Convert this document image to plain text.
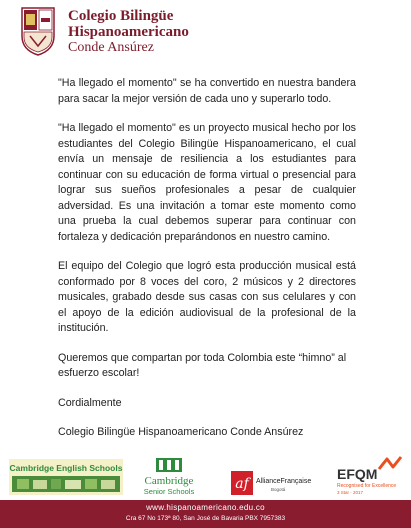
Colegio Bilingüe
Hispanoamericano
Conde Ansúrez

"Ha llegado el momento" se ha convertido en nuestra bandera para sacar la mejor versión de cada uno y superarlo todo.

"Ha llegado el momento" es un proyecto musical hecho por los estudiantes del Colegio Bilingüe Hispanoamericano, el cual envía un mensaje de resiliencia a los estudiantes para continuar con su educación de forma virtual o presencial para lograr sus sueños profesionales a pesar de cualquier adversidad. Es una invitación a tomar este momento como una prueba la cual debemos superar para continuar con fortaleza y dedicación preparándonos en nuestro camino.

El equipo del Colegio que logró esta producción musical está conformado por 8 voces del coro, 2 músicos y 2 directores musicales, grabado desde sus casas con sus celulares y con el apoyo de la edición audiovisual de la profesional de la institución.

Queremos que compartan por toda Colombia este “himno” al esfuerzo escolar!

Cordialmente

Colegio Bilingüe Hispanoamericano Conde Ansúrez

Cambridge English Schools
Cambridge
Senior Schools	af	AllianceFrançaise
Bogotá
EFQM
Recognised for Excellence
3 Star · 2017
www.hispanoamericano.edu.co
Cra 67 No 173ª 80, San José de Bavaria PBX 7957383
